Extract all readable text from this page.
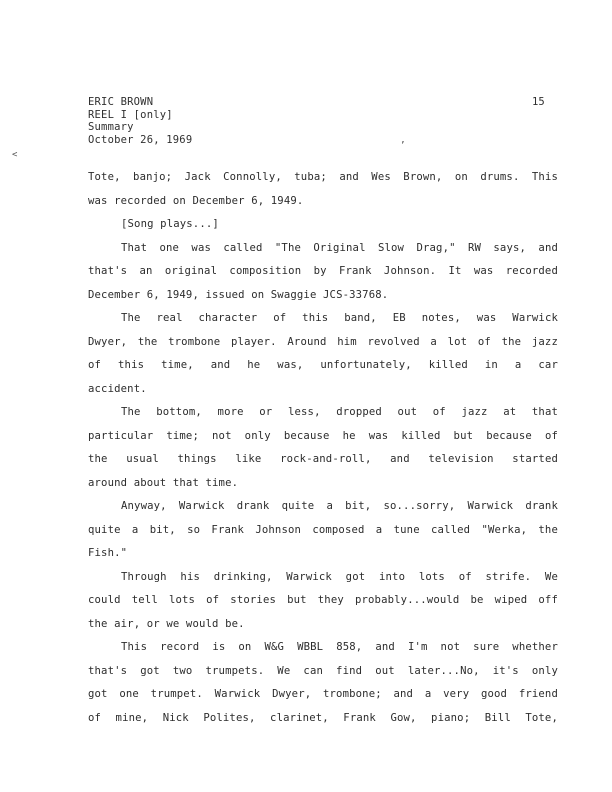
ERIC BROWN
REEL I [only]
Summary
October 26, 1969
15
<
’
Tote, banjo; Jack Connolly, tuba; and Wes Brown, on drums. This
was recorded on December 6, 1949.
[Song plays...]
That one was called "The Original Slow Drag," RW says, and
that's an original composition by Frank Johnson. It was recorded
December 6, 1949, issued on Swaggie JCS-33768.
The real character of this band, EB notes, was Warwick
Dwyer, the trombone player. Around him revolved a lot of the jazz
of this time, and he was, unfortunately, killed in a car
accident.
The bottom, more or less, dropped out of jazz at that
particular time; not only because he was killed but because of
the usual things like rock-and-roll, and television started
around about that time.
Anyway, Warwick drank quite a bit, so...sorry, Warwick drank
quite a bit, so Frank Johnson composed a tune called "Werka, the
Fish."
Through his drinking, Warwick got into lots of strife. We
could tell lots of stories but they probably...would be wiped off
the air, or we would be.
This record is on W&G WBBL 858, and I'm not sure whether
that's got two trumpets. We can find out later...No, it's only
got one trumpet. Warwick Dwyer, trombone; and a very good friend
of mine, Nick Polites, clarinet, Frank Gow, piano; Bill Tote,
